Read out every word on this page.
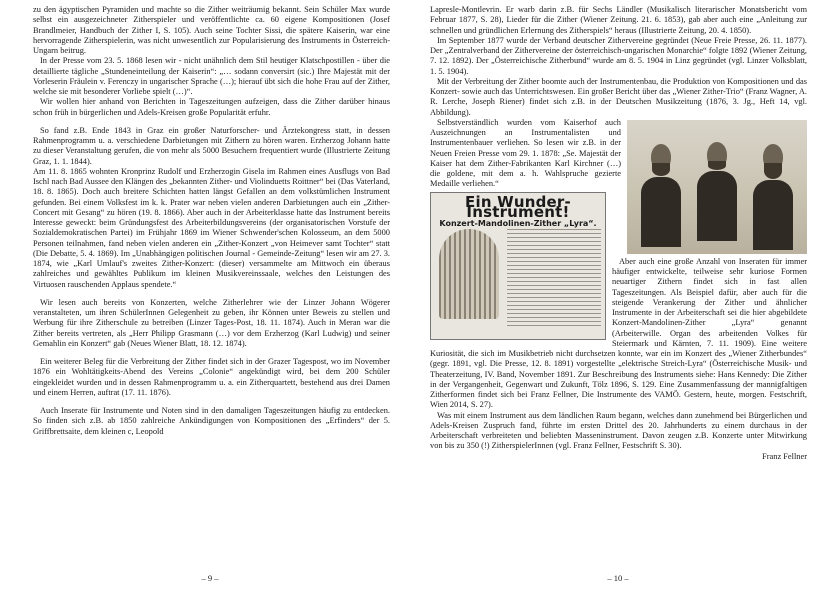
zu den ägyptischen Pyramiden und machte so die Zither weiträumig bekannt. Sein Schüler Max wurde selbst ein ausgezeichneter Zitherspieler und veröffentlichte ca. 60 eigene Kompositionen (Josef Brandlmeier, Handbuch der Zither I, S. 105). Auch seine Tochter Sissi, die spätere Kaiserin, war eine hervorragende Zitherspielerin, was nicht unwesentlich zur Popularisierung des Instruments in Österreich-Ungarn beitrug.

In der Presse vom 23. 5. 1868 lesen wir - nicht unähnlich dem Stil heutiger Klatschpostillen - über die detaillierte tägliche „Stundeneinteilung der Kaiserin“: „… sodann conversirt (sic.) Ihre Majestät mit der Vorleserin Fräulein v. Ferenczy in ungarischer Sprache (…); hierauf übt sich die hohe Frau auf der Zither, welche sie mit besonderer Vorliebe spielt (…)“.

Wir wollen hier anhand von Berichten in Tageszeitungen aufzeigen, dass die Zither darüber hinaus schon früh in bürgerlichen und Adels-Kreisen große Popularität erfuhr.

So fand z.B. Ende 1843 in Graz ein großer Naturforscher- und Ärztekongress statt, in dessen Rahmenprogramm u. a. verschiedene Darbietungen mit Zithern zu hören waren. Erzherzog Johann hatte zu dieser Veranstaltung gerufen, die von mehr als 5000 Besuchern frequentiert wurde (Illustrierte Zeitung Graz, 1. 1. 1844).

Am 11. 8. 1865 wohnten Kronprinz Rudolf und Erzherzogin Gisela im Rahmen eines Ausflugs von Bad Ischl nach Bad Aussee den Klängen des „bekannten Zither- und Violinduetts Roittner“ bei (Das Vaterland, 18. 8. 1865). Doch auch breitere Schichten hatten längst Gefallen an dem volkstümlichen Instrument gefunden. Bei einem Volksfest im k. k. Prater war neben vielen anderen Darbietungen auch ein „Zither-Concert mit Gesang“ zu hören (19. 8. 1866). Aber auch in der Arbeiterklasse hatte das Instrument bereits Interesse geweckt: beim Gründungsfest des Arbeiterbildungsvereins (der organisatorischen Vorstufe der Sozialdemokratischen Partei) im Frühjahr 1869 im Wiener Schwender'schen Kolosseum, an dem 5000 Personen teilnahmen, fand neben vielen anderen ein „Zither-Konzert „von Heimever samt Tochter“ statt (Die Debatte, 5. 4. 1869). Im „Unabhängigen politischen Journal - Gemeinde-Zeitung“ lesen wir am 27. 3. 1874, wie „Karl Umlauf's zweites Zither-Konzert: (dieser) versammelte am Mittwoch ein überaus zahlreiches und gewähltes Publikum im kleinen Musikvereinssaale, welches den Leistungen des Virtuosen rauschenden Applaus spendete.“

Wir lesen auch bereits von Konzerten, welche Zitherlehrer wie der Linzer Johann Wögerer veranstalteten, um ihren SchülerInnen Gelegenheit zu geben, ihr Können unter Beweis zu stellen und Werbung für ihre Zitherschule zu betreiben (Linzer Tages-Post, 18. 11. 1874). Auch in Meran war die Zither bereits vertreten, als „Herr Philipp Grasmann (…) vor dem Erzherzog (Karl Ludwig) und seiner Gemahlin ein Konzert“ gab (Neues Wiener Blatt, 18. 12. 1874).

Ein weiterer Beleg für die Verbreitung der Zither findet sich in der Grazer Tagespost, wo im November 1876 ein Wohltätigkeits-Abend des Vereins „Colonie“ angekündigt wird, bei dem 200 Schüler eingekleidet wurden und in dessen Rahmenprogramm u. a. ein Zitherquartett, bestehend aus drei Damen und einem Herren, auftrat (17. 11. 1876).

Auch Inserate für Instrumente und Noten sind in den damaligen Tageszeitungen häufig zu entdecken. So finden sich z.B. ab 1850 zahlreiche Ankündigungen von Kompositionen des „Erfinders“ der 5. Griffbrettsaite, dem kleinen c, Leopold

– 9 –

Lapresle-Montlevrin. Er warb darin z.B. für Sechs Ländler (Musikalisch literarischer Monatsbericht vom Februar 1877, S. 28), Lieder für die Zither (Wiener Zeitung. 21. 6. 1853), gab aber auch eine „Anleitung zur schnellen und gründlichen Erlernung des Zitherspiels“ heraus (Illustrierte Zeitung, 20. 4. 1850).

Im September 1877 wurde der Verband deutscher Zithervereine gegründet (Neue Freie Presse, 26. 11. 1877). Der „Zentralverband der Zithervereine der österreichisch-ungarischen Monarchie“ folgte 1892 (Wiener Zeitung, 7. 12. 1892). Der „Österreichische Zitherbund“ wurde am 8. 5. 1904 in Linz gegründet (vgl. Linzer Volksblatt, 1. 5. 1904).

Mit der Verbreitung der Zither boomte auch der Instrumentenbau, die Produktion von Kompositionen und das Konzert- sowie auch das Unterrichtswesen. Ein großer Bericht über das „Wiener Zither-Trio“ (Franz Wagner, A. R. Lerche, Joseph Riener) findet sich z.B. in der Deutschen Musikzeitung (1876, 3. Jg., Heft 14, vgl. Abbildung).

Selbstverständlich wurden vom Kaiserhof auch Auszeichnungen an Instrumentalisten und Instrumentenbauer verliehen. So lesen wir z.B. in der Neuen Freien Presse vom 29. 1. 1878: „Se. Majestät der Kaiser hat dem Zither-Fabrikanten Karl Kirchner (…) die goldene, mit dem a. h. Wahlspruche gezierte Medaille verliehen.“

Ein Wunder-Instrument!
Konzert-Mandolinen-Zither „Lyra“.

Aber auch eine große Anzahl von Inseraten für immer häufiger entwickelte, teilweise sehr kuriose Formen neuartiger Zithern findet sich in fast allen Tageszeitungen. Als Beispiel dafür, aber auch für die steigende Verankerung der Zither und ähnlicher Instrumente in der Arbeiterschaft sei die hier abgebildete Konzert-Mandolinen-Zither „Lyra“ genannt (Arbeiterwille. Organ des arbeitenden Volkes für Steiermark und Kärnten, 7. 11. 1909). Eine weitere Kuriosität, die sich im Musikbetrieb nicht durchsetzen konnte, war ein im Konzert des „Wiener Zitherbundes“ (gegr. 1891, vgl. Die Presse, 12. 8. 1891) vorgestellte „elektrische Streich-Lyra“ (Österreichische Musik- und Theaterzeitung, IV. Band, November 1891. Zur Beschreibung des Instruments siehe: Hans Kennedy: Die Zither in der Vergangenheit, Gegenwart und Zukunft, Tölz 1896, S. 129. Eine Zusammenfassung der mannigfaltigen Zitherformen findet sich bei Franz Fellner, Die Instrumente des VAMÖ. Gestern, heute, morgen. Festschrift, Wien 2014, S. 27).

Was mit einem Instrument aus dem ländlichen Raum begann, welches dann zunehmend bei Bürgerlichen und Adels-Kreisen Zuspruch fand, führte im ersten Drittel des 20. Jahrhunderts zu einem durchaus in der Arbeiterschaft verbreiteten und beliebten Masseninstrument. Davon zeugen z.B. Konzerte unter Mitwirkung von bis zu 350 (!) ZitherspielerInnen (vgl. Franz Fellner, Festschrift S. 30).

Franz Fellner

– 10 –
